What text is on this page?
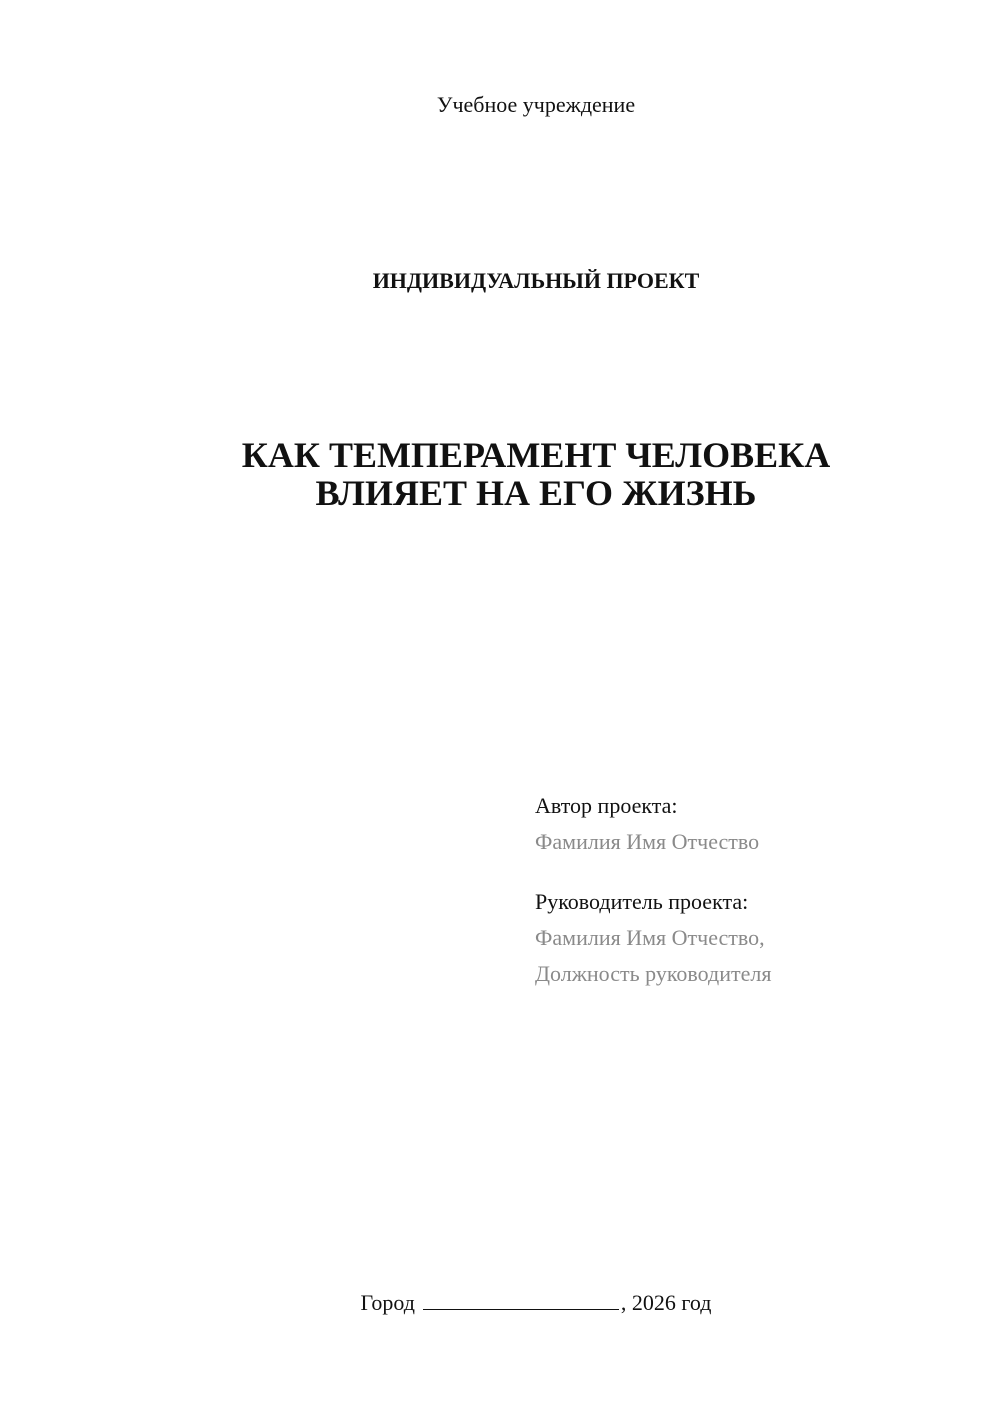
Учебное учреждение
ИНДИВИДУАЛЬНЫЙ ПРОЕКТ
КАК ТЕМПЕРАМЕНТ ЧЕЛОВЕКА
ВЛИЯЕТ НА ЕГО ЖИЗНЬ
Автор проекта:
Фамилия Имя Отчество
Руководитель проекта:
Фамилия Имя Отчество,
Должность руководителя
Город	, 2026 год
